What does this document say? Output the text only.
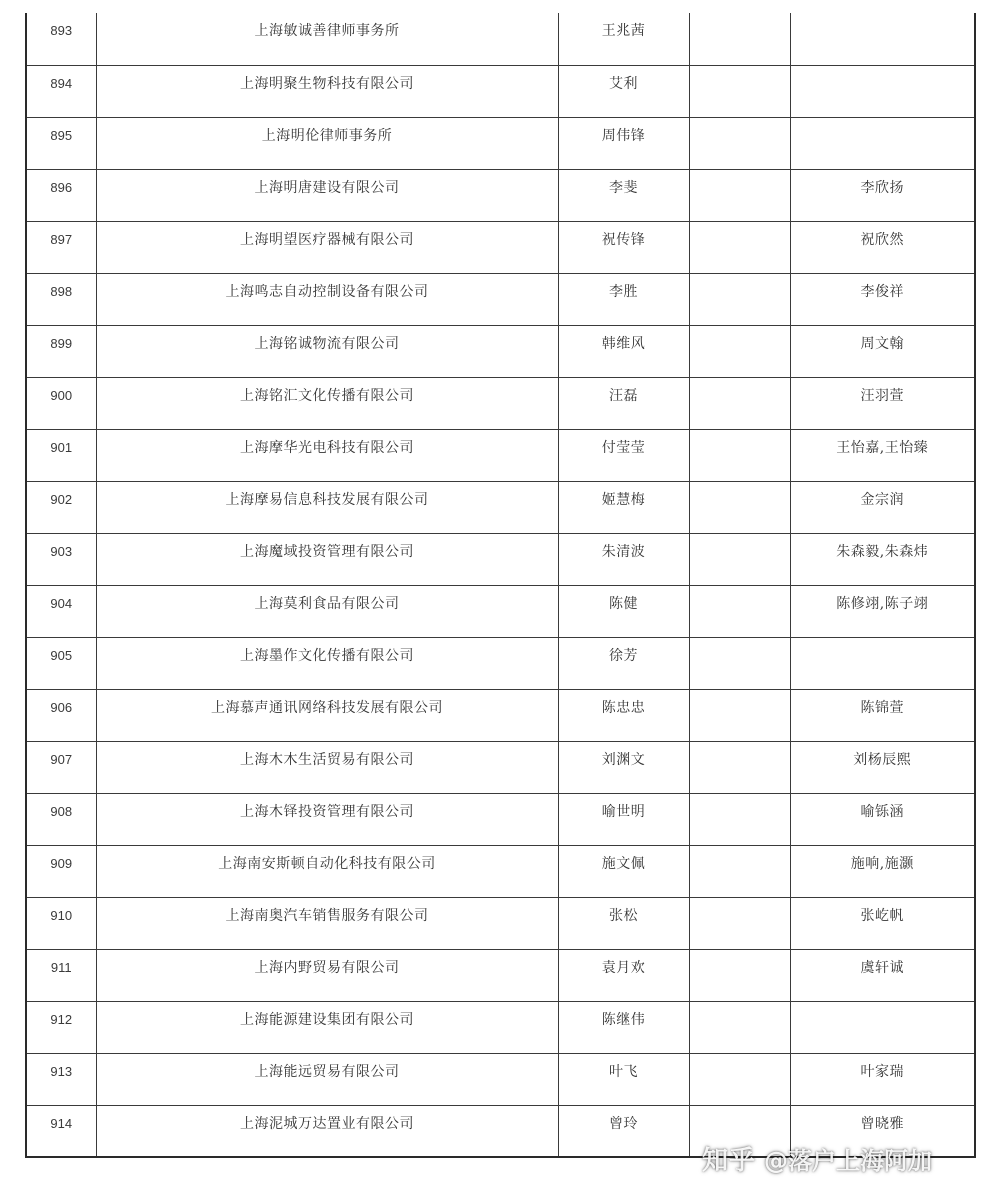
893	上海敏诚善律师事务所	王兆茜		
894	上海明聚生物科技有限公司	艾利		
895	上海明伦律师事务所	周伟锋		
896	上海明唐建设有限公司	李斐		李欣扬
897	上海明望医疗器械有限公司	祝传锋		祝欣然
898	上海鸣志自动控制设备有限公司	李胜		李俊祥
899	上海铭诚物流有限公司	韩维风		周文翰
900	上海铭汇文化传播有限公司	汪磊		汪羽萱
901	上海摩华光电科技有限公司	付莹莹		王怡嘉,王怡臻
902	上海摩易信息科技发展有限公司	姬慧梅		金宗润
903	上海魔域投资管理有限公司	朱清波		朱森毅,朱森炜
904	上海莫利食品有限公司	陈健		陈修翊,陈子翊
905	上海墨作文化传播有限公司	徐芳		
906	上海慕声通讯网络科技发展有限公司	陈忠忠		陈锦萱
907	上海木木生活贸易有限公司	刘渊文		刘杨辰熙
908	上海木铎投资管理有限公司	喻世明		喻铄涵
909	上海南安斯顿自动化科技有限公司	施文佩		施响,施灏
910	上海南奥汽车销售服务有限公司	张松		张屹帆
911	上海内野贸易有限公司	袁月欢		虞轩诚
912	上海能源建设集团有限公司	陈继伟		
913	上海能远贸易有限公司	叶飞		叶家瑞
914	上海泥城万达置业有限公司	曾玲		曾晓雅
知乎 @落户上海阿加
